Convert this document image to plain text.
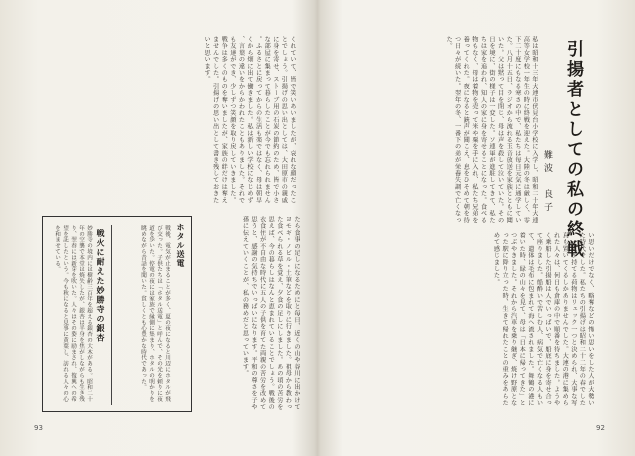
引揚者としての私の終戦
難波　良子
私は昭和十三年大連市伏見台小学校に入学し、昭和二十年大連高等女学校一年生の時に終戦を迎えた。大陸の冬は厳しく、零下二十度にもなる寒さの中で、私たちは毎日元気に通学していた。八月十五日、ラジオから流れる玉音放送を家族とともに聞いた。父は黙って目を閉じ、母は声を殺して泣いていた。その日を境に、街の様子は一変した。ソ連軍が進駐してきて、私たちは家を追われ、知人の家に身を寄せることになった。食べる物もなく、母は着物を売って米や粟を手に入れ、私たち兄弟を養ってくれた。夜になると銃声が聞こえ、息をひそめて朝を待つ日々が続いた。翌年の冬、一番下の弟が栄養失調で亡くなった。
い思いだけでなく、略奪などの怖い思いをした人が大勢いた時代でした。私たちの引揚げは昭和二十二年の春でした。一人が持てる荷物はリュック一つと決められ、大事な写真も置いてくるしかありませんでした。大連の港に集められた人々は、何日も倉庫の中で順番を待ちました。ようやく乗船した引揚船は人でいっぱいで、船底に身を寄せ合って座りました。船酔いで苦しむ人、病気で亡くなる人もいて、遺体は毛布に包まれて海へ流されました。舞鶴の港に着いた時、緑の山々を見て、母は「日本に帰ってきた」とつぶやきました。それから汽車を乗り継ぎ、焼け野原となった駅に降り立った時、生きて帰れたことの重みをあらためて感じました。
92
くれていて、皆で笑いあいましたが、哀れな顔だったことでしょう。引揚げの思い出としては、大田原市の親戚に身を寄せ、ストーブ用の石炭の節約のため、皆で小さな部屋に集まって暮らしたことが今でも忘れられません。ふるさとに戻ってからの生活も楽ではなく、母は朝早くから畑に出て働きました。私は新しい学校になじめず、言葉の違いをからかわれたこともありました。それでも友達ができ、少しずつ笑顔を取り戻していきました。戦争は多くのものを奪いましたが、家族の絆だけは奪えませんでした。引揚げの思い出として書き残しておきたいと思います。
たら食事の足しになるためにと毎日、近くの山や谷川に出かけてヨモギ・ノビル・土筆などを取りに行きました。祖母から教わった食べられる草を覚え、夕食の足しにしました。あの頃の苦労を思えば、今の暮らしはなんと恵まれていることでしょう。戦後の衣食住が不自由な時代に五人の子供を育てた両親の苦労を改めて思うと、感謝の気持ちでいっぱいになります。平和の尊さを子や孫に伝えていくことが、私の務めだと思っています。
ホタル送電
戦後、電気が止まることが多く、夏の夜になると川辺にホタルが飛び交った。子供たちは「ホタル送電」と呼んで、その光を頼りに夜道を歩いた。停電の夜には家族で縁側に集まり、ホタルの明かりを眺めながら昔話を聞いた。貧しくとも心豊かな時代であった。
戦火に耐えた妙勝寺の銀杏
妙勝寺の境内には樹齢三百年を超える銀杏の大木がある。昭和二十年の空襲で本堂は焼失したが、銀杏は半身を焦がしながらも生き残り、翌春には新芽を吹いた。人々はその姿に励まされ、復興への希望を託したという。今も秋になると見事に黄葉し、訪れる人々の心を和ませている。
93
